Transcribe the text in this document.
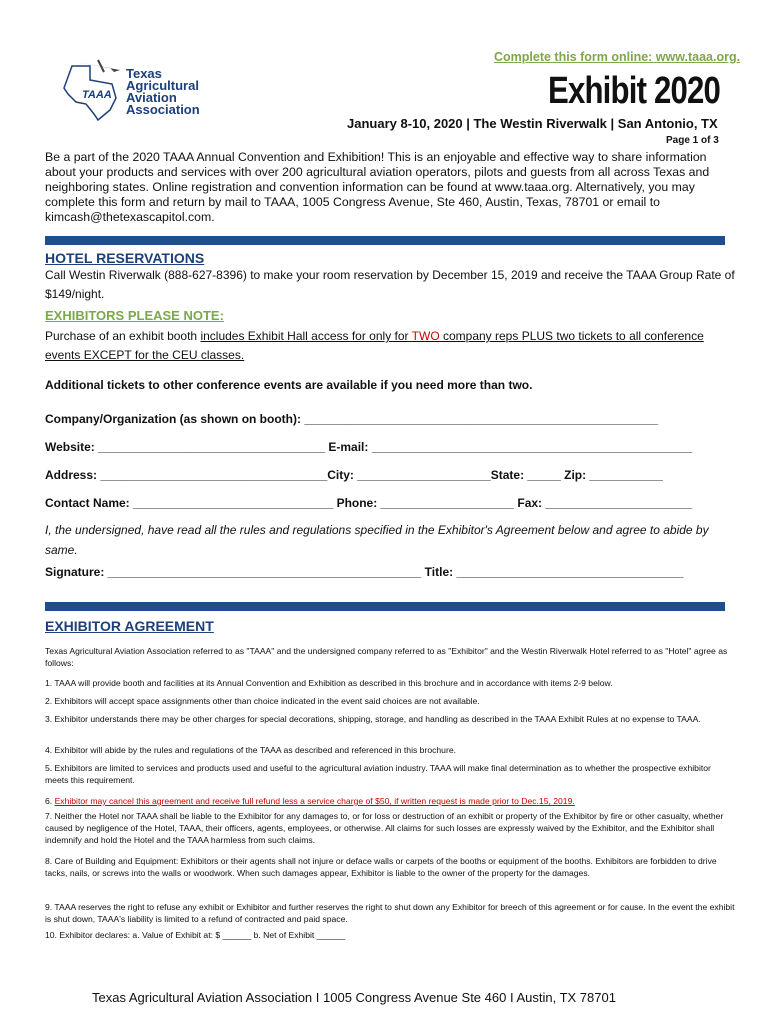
TAAA
Texas
Agricultural
Aviation
Association
Complete this form online: www.taaa.org.
Exhibit 2020
January 8-10, 2020 | The Westin Riverwalk | San Antonio, TX
Page 1 of 3
Be a part of the 2020 TAAA Annual Convention and Exhibition! This is an enjoyable and effective way to share information about your products and services with over 200 agricultural aviation operators, pilots and guests from all across Texas and neighboring states. Online registration and convention information can be found at www.taaa.org. Alternatively, you may complete this form and return by mail to TAAA, 1005 Congress Avenue, Ste 460, Austin, Texas, 78701 or email to kimcash@thetexascapitol.com.
HOTEL RESERVATIONS
Call Westin Riverwalk (888-627-8396) to make your room reservation by December 15, 2019 and receive the TAAA Group Rate of $149/night.
EXHIBITORS PLEASE NOTE:
Purchase of an exhibit booth includes Exhibit Hall access for only for TWO company reps PLUS two tickets to all conference events EXCEPT for the CEU classes.
Additional tickets to other conference events are available if you need more than two.
Company/Organization (as shown on booth): _____________________________________________________
Website: __________________________________ E-mail: ________________________________________________
Address: __________________________________City: ____________________State: _____ Zip: ___________
Contact Name: ______________________________ Phone: ____________________ Fax: ______________________
I, the undersigned, have read all the rules and regulations specified in the Exhibitor's Agreement below and agree to abide by same.
Signature: _______________________________________________ Title: __________________________________
EXHIBITOR AGREEMENT
Texas Agricultural Aviation Association referred to as "TAAA" and the undersigned company referred to as "Exhibitor" and the Westin Riverwalk Hotel referred to as "Hotel" agree as follows:
1. TAAA will provide booth and facilities at its Annual Convention and Exhibition as described in this brochure and in accordance with items 2-9 below.
2. Exhibitors will accept space assignments other than choice indicated in the event said choices are not available.
3. Exhibitor understands there may be other charges for special decorations, shipping, storage, and handling as described in the TAAA Exhibit Rules at no expense to TAAA.
4. Exhibitor will abide by the rules and regulations of the TAAA as described and referenced in this brochure.
5. Exhibitors are limited to services and products used and useful to the agricultural aviation industry. TAAA will make final determination as to whether the prospective exhibitor meets this requirement.
6. Exhibitor may cancel this agreement and receive full refund less a service charge of $50, if written request is made prior to Dec.15, 2019.
7. Neither the Hotel nor TAAA shall be liable to the Exhibitor for any damages to, or for loss or destruction of an exhibit or property of the Exhibitor by fire or other casualty, whether caused by negligence of the Hotel, TAAA, their officers, agents, employees, or otherwise. All claims for such losses are expressly waived by the Exhibitor, and the Exhibitor shall indemnify and hold the Hotel and the TAAA harmless from such claims.
8. Care of Building and Equipment: Exhibitors or their agents shall not injure or deface walls or carpets of the booths or equipment of the booths. Exhibitors are forbidden to drive tacks, nails, or screws into the walls or woodwork. When such damages appear, Exhibitor is liable to the owner of the property for the damages.
9. TAAA reserves the right to refuse any exhibit or Exhibitor and further reserves the right to shut down any Exhibitor for breech of this agreement or for cause. In the event the exhibit is shut down, TAAA's liability is limited to a refund of contracted and paid space.
10. Exhibitor declares: a. Value of Exhibit at: $ ______ b. Net of Exhibit ______
Texas Agricultural Aviation Association I 1005 Congress Avenue Ste 460 I Austin, TX 78701
